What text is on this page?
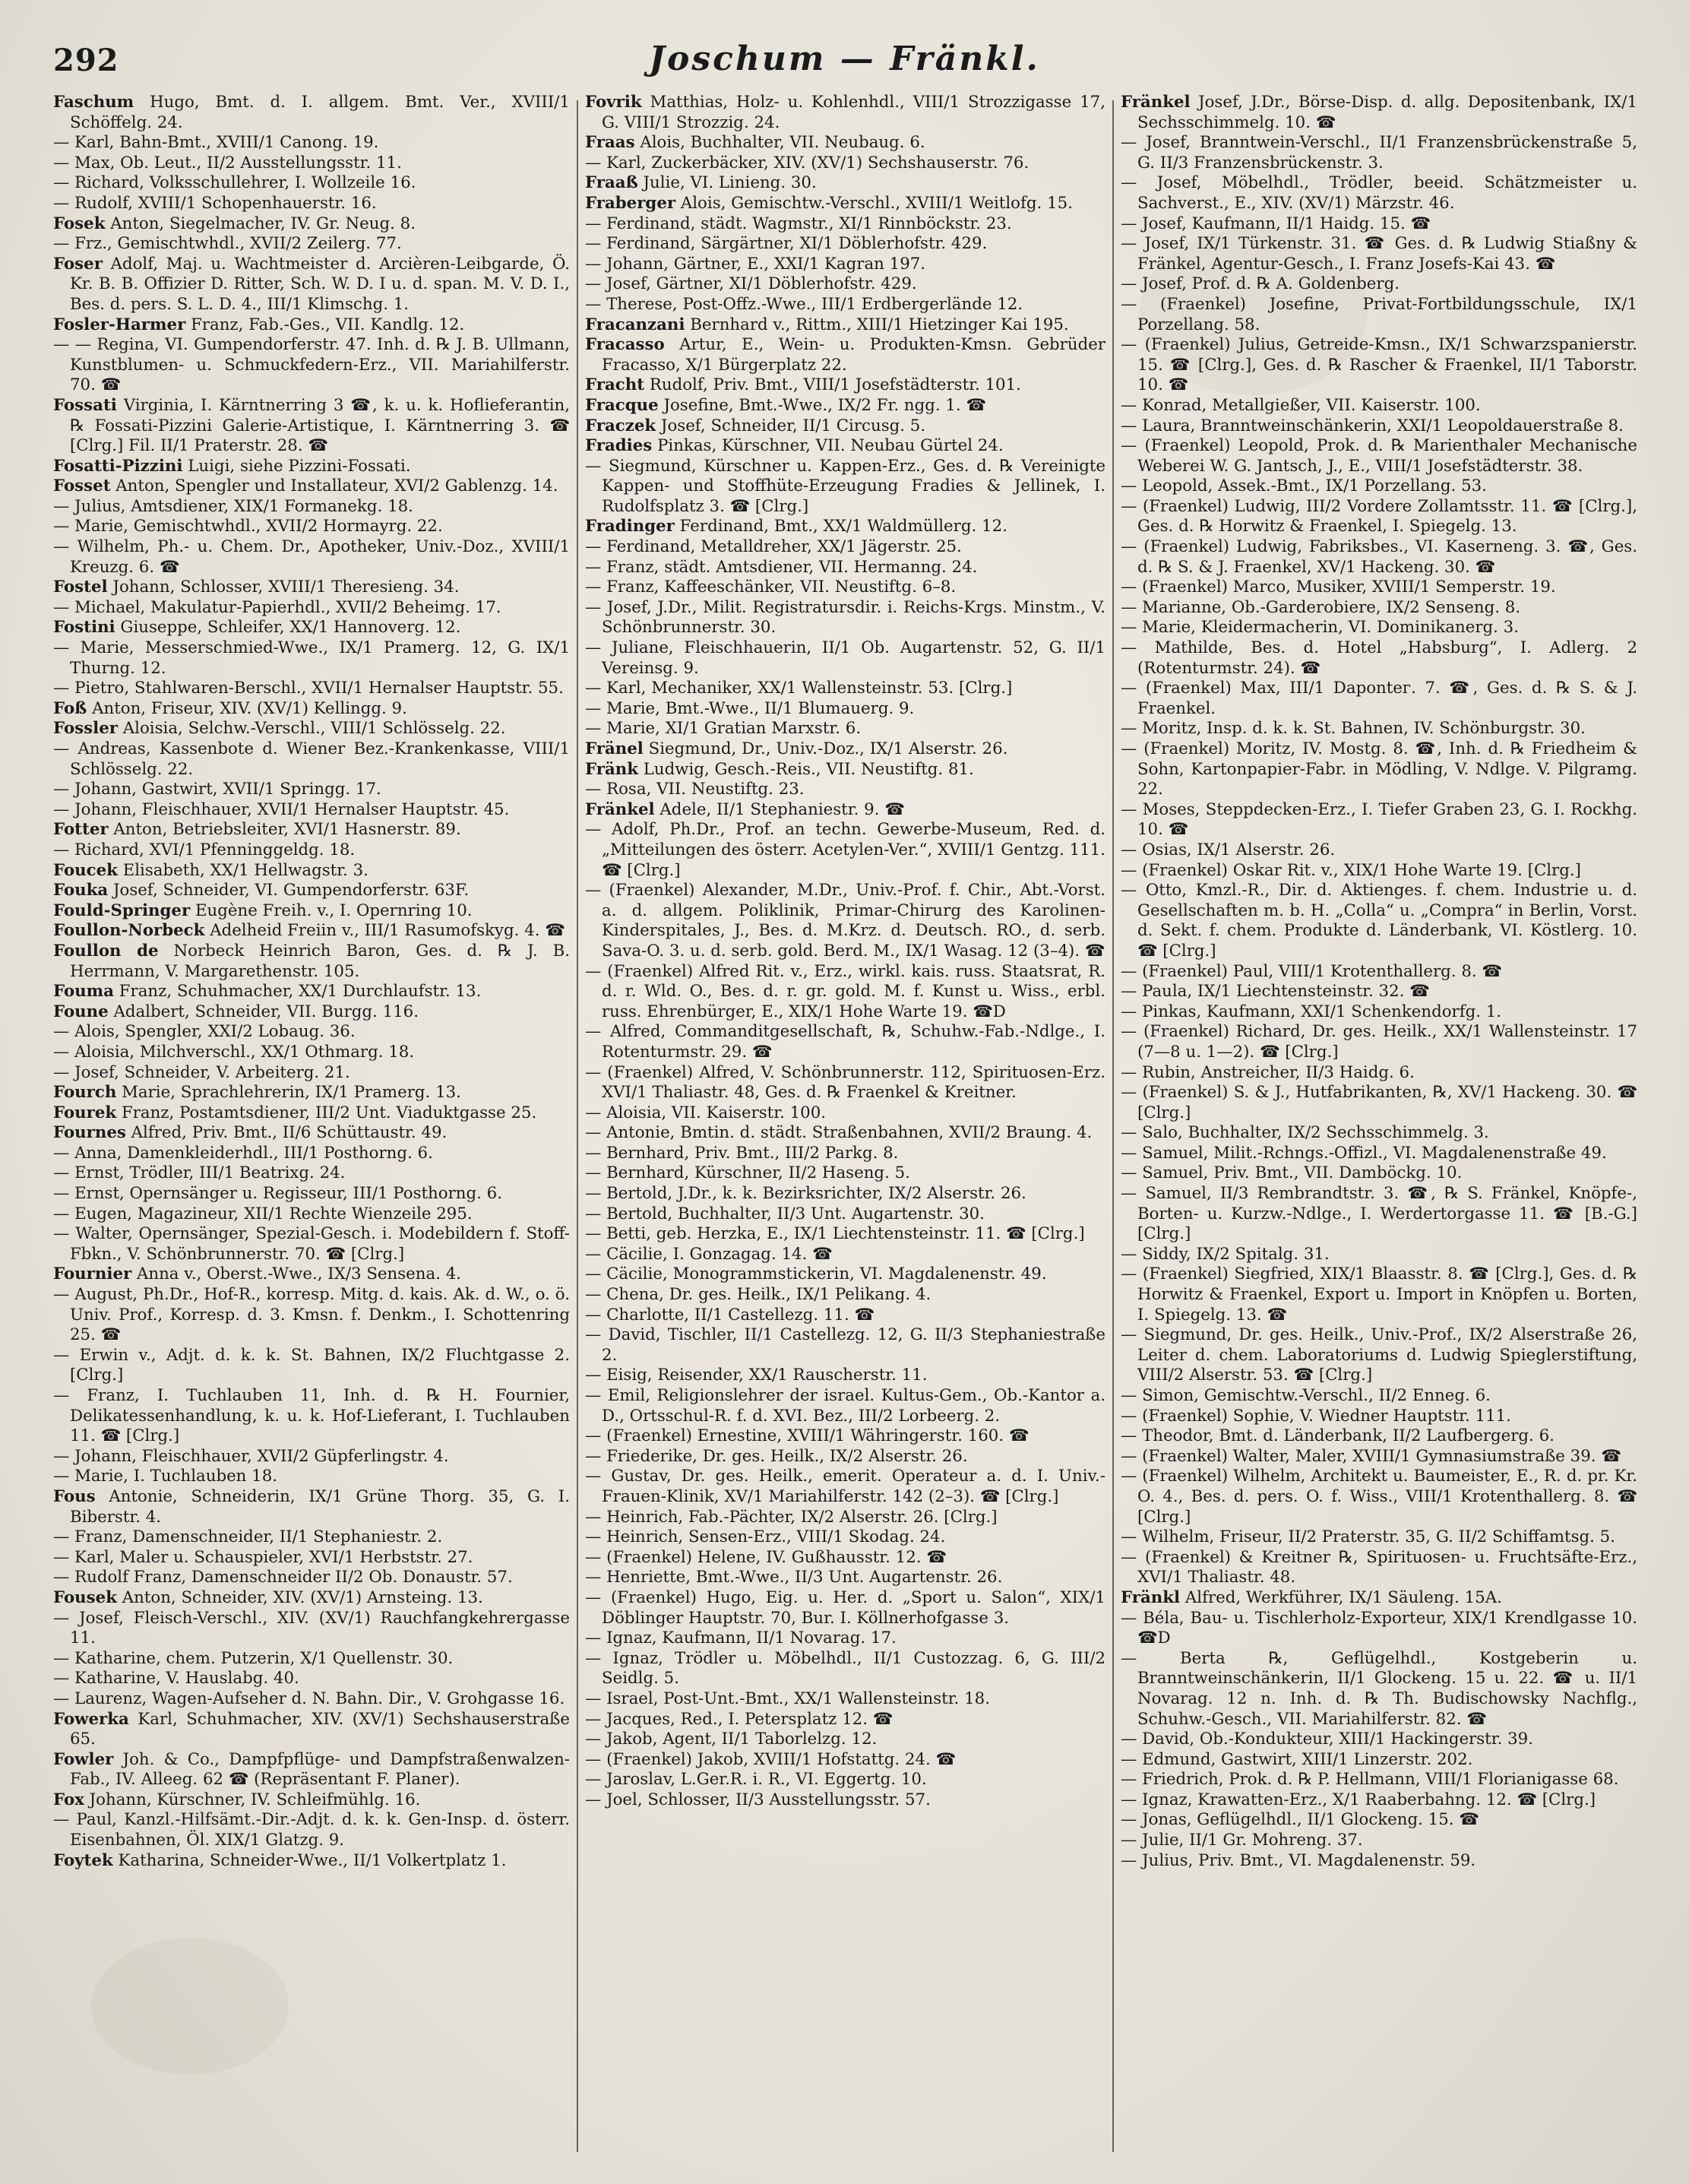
292	Joschum — Fränkl.

Faschum Hugo, Bmt. d. I. allgem. Bmt. Ver., XVIII/1 Schöffelg. 24.

— Karl, Bahn-Bmt., XVIII/1 Canong. 19.

— Max, Ob. Leut., II/2 Ausstellungsstr. 11.

— Richard, Volksschullehrer, I. Wollzeile 16.

— Rudolf, XVIII/1 Schopenhauerstr. 16.

Fosek Anton, Siegelmacher, IV. Gr. Neug. 8.

— Frz., Gemischtwhdl., XVII/2 Zeilerg. 77.

Foser Adolf, Maj. u. Wachtmeister d. Arcièren-Leibgarde, Ö. Kr. B. B. Offizier D. Ritter, Sch. W. D. I u. d. span. M. V. D. I., Bes. d. pers. S. L. D. 4., III/1 Klimschg. 1.

Fosler-Harmer Franz, Fab.-Ges., VII. Kandlg. 12.

— — Regina, VI. Gumpendorferstr. 47. Inh. d. ℞ J. B. Ullmann, Kunstblumen- u. Schmuckfedern-Erz., VII. Mariahilferstr. 70. ☎

Fossati Virginia, I. Kärntnerring 3 ☎, k. u. k. Hoflieferantin, ℞ Fossati-Pizzini Galerie-Artistique, I. Kärntnerring 3. ☎ [Clrg.] Fil. II/1 Praterstr. 28. ☎

Fosatti-Pizzini Luigi, siehe Pizzini-Fossati.

Fosset Anton, Spengler und Installateur, XVI/2 Gablenzg. 14.

— Julius, Amtsdiener, XIX/1 Formanekg. 18.

— Marie, Gemischtwhdl., XVII/2 Hormayrg. 22.

— Wilhelm, Ph.- u. Chem. Dr., Apotheker, Univ.-Doz., XVIII/1 Kreuzg. 6. ☎

Fostel Johann, Schlosser, XVIII/1 Theresieng. 34.

— Michael, Makulatur-Papierhdl., XVII/2 Beheimg. 17.

Fostini Giuseppe, Schleifer, XX/1 Hannoverg. 12.

— Marie, Messerschmied-Wwe., IX/1 Pramerg. 12, G. IX/1 Thurng. 12.

— Pietro, Stahlwaren-Berschl., XVII/1 Hernalser Hauptstr. 55.

Foß Anton, Friseur, XIV. (XV/1) Kellingg. 9.

Fossler Aloisia, Selchw.-Verschl., VIII/1 Schlösselg. 22.

— Andreas, Kassenbote d. Wiener Bez.-Krankenkasse, VIII/1 Schlösselg. 22.

— Johann, Gastwirt, XVII/1 Springg. 17.

— Johann, Fleischhauer, XVII/1 Hernalser Hauptstr. 45.

Fotter Anton, Betriebsleiter, XVI/1 Hasnerstr. 89.

— Richard, XVI/1 Pfenninggeldg. 18.

Foucek Elisabeth, XX/1 Hellwagstr. 3.

Fouka Josef, Schneider, VI. Gumpendorferstr. 63F.

Fould-Springer Eugène Freih. v., I. Opernring 10.

Foullon-Norbeck Adelheid Freiin v., III/1 Rasumofskyg. 4. ☎

Foullon de Norbeck Heinrich Baron, Ges. d. ℞ J. B. Herrmann, V. Margarethenstr. 105.

Fouma Franz, Schuhmacher, XX/1 Durchlaufstr. 13.

Foune Adalbert, Schneider, VII. Burgg. 116.

— Alois, Spengler, XXI/2 Lobaug. 36.

— Aloisia, Milchverschl., XX/1 Othmarg. 18.

— Josef, Schneider, V. Arbeiterg. 21.

Fourch Marie, Sprachlehrerin, IX/1 Pramerg. 13.

Fourek Franz, Postamtsdiener, III/2 Unt. Viaduktgasse 25.

Fournes Alfred, Priv. Bmt., II/6 Schüttaustr. 49.

— Anna, Damenkleiderhdl., III/1 Posthorng. 6.

— Ernst, Trödler, III/1 Beatrixg. 24.

— Ernst, Opernsänger u. Regisseur, III/1 Posthorng. 6.

— Eugen, Magazineur, XII/1 Rechte Wienzeile 295.

— Walter, Opernsänger, Spezial-Gesch. i. Modebildern f. Stoff-Fbkn., V. Schönbrunnerstr. 70. ☎ [Clrg.]

Fournier Anna v., Oberst.-Wwe., IX/3 Sensena. 4.

— August, Ph.Dr., Hof-R., korresp. Mitg. d. kais. Ak. d. W., o. ö. Univ. Prof., Korresp. d. 3. Kmsn. f. Denkm., I. Schottenring 25. ☎

— Erwin v., Adjt. d. k. k. St. Bahnen, IX/2 Fluchtgasse 2. [Clrg.]

— Franz, I. Tuchlauben 11, Inh. d. ℞ H. Fournier, Delikatessenhandlung, k. u. k. Hof-Lieferant, I. Tuchlauben 11. ☎ [Clrg.]

— Johann, Fleischhauer, XVII/2 Güpferlingstr. 4.

— Marie, I. Tuchlauben 18.

Fous Antonie, Schneiderin, IX/1 Grüne Thorg. 35, G. I. Biberstr. 4.

— Franz, Damenschneider, II/1 Stephaniestr. 2.

— Karl, Maler u. Schauspieler, XVI/1 Herbststr. 27.

— Rudolf Franz, Damenschneider II/2 Ob. Donaustr. 57.

Fousek Anton, Schneider, XIV. (XV/1) Arnsteing. 13.

— Josef, Fleisch-Verschl., XIV. (XV/1) Rauchfangkehrergasse 11.

— Katharine, chem. Putzerin, X/1 Quellenstr. 30.

— Katharine, V. Hauslabg. 40.

— Laurenz, Wagen-Aufseher d. N. Bahn. Dir., V. Grohgasse 16.

Fowerka Karl, Schuhmacher, XIV. (XV/1) Sechshauserstraße 65.

Fowler Joh. & Co., Dampfpflüge- und Dampfstraßenwalzen-Fab., IV. Alleeg. 62 ☎ (Repräsentant F. Planer).

Fox Johann, Kürschner, IV. Schleifmühlg. 16.

— Paul, Kanzl.-Hilfsämt.-Dir.-Adjt. d. k. k. Gen-Insp. d. österr. Eisenbahnen, Öl. XIX/1 Glatzg. 9.

Foytek Katharina, Schneider-Wwe., II/1 Volkertplatz 1.

Fovrik Matthias, Holz- u. Kohlenhdl., VIII/1 Strozzigasse 17, G. VIII/1 Strozzig. 24.

Fraas Alois, Buchhalter, VII. Neubaug. 6.

— Karl, Zuckerbäcker, XIV. (XV/1) Sechshauserstr. 76.

Fraaß Julie, VI. Linieng. 30.

Fraberger Alois, Gemischtw.-Verschl., XVIII/1 Weitlofg. 15.

— Ferdinand, städt. Wagmstr., XI/1 Rinnböckstr. 23.

— Ferdinand, Särgärtner, XI/1 Döblerhofstr. 429.

— Johann, Gärtner, E., XXI/1 Kagran 197.

— Josef, Gärtner, XI/1 Döblerhofstr. 429.

— Therese, Post-Offz.-Wwe., III/1 Erdbergerlände 12.

Fracanzani Bernhard v., Rittm., XIII/1 Hietzinger Kai 195.

Fracasso Artur, E., Wein- u. Produkten-Kmsn. Gebrüder Fracasso, X/1 Bürgerplatz 22.

Fracht Rudolf, Priv. Bmt., VIII/1 Josefstädterstr. 101.

Fracque Josefine, Bmt.-Wwe., IX/2 Fr. ngg. 1. ☎

Fraczek Josef, Schneider, II/1 Circusg. 5.

Fradies Pinkas, Kürschner, VII. Neubau Gürtel 24.

— Siegmund, Kürschner u. Kappen-Erz., Ges. d. ℞ Vereinigte Kappen- und Stoffhüte-Erzeugung Fradies & Jellinek, I. Rudolfsplatz 3. ☎ [Clrg.]

Fradinger Ferdinand, Bmt., XX/1 Waldmüllerg. 12.

— Ferdinand, Metalldreher, XX/1 Jägerstr. 25.

— Franz, städt. Amtsdiener, VII. Hermanng. 24.

— Franz, Kaffeeschänker, VII. Neustiftg. 6–8.

— Josef, J.Dr., Milit. Registratursdir. i. Reichs-Krgs. Minstm., V. Schönbrunnerstr. 30.

— Juliane, Fleischhauerin, II/1 Ob. Augartenstr. 52, G. II/1 Vereinsg. 9.

— Karl, Mechaniker, XX/1 Wallensteinstr. 53. [Clrg.]

— Marie, Bmt.-Wwe., II/1 Blumauerg. 9.

— Marie, XI/1 Gratian Marxstr. 6.

Fränel Siegmund, Dr., Univ.-Doz., IX/1 Alserstr. 26.

Fränk Ludwig, Gesch.-Reis., VII. Neustiftg. 81.

— Rosa, VII. Neustiftg. 23.

Fränkel Adele, II/1 Stephaniestr. 9. ☎

— Adolf, Ph.Dr., Prof. an techn. Gewerbe-Museum, Red. d. „Mitteilungen des österr. Acetylen-Ver.“, XVIII/1 Gentzg. 111. ☎ [Clrg.]

— (Fraenkel) Alexander, M.Dr., Univ.-Prof. f. Chir., Abt.-Vorst. a. d. allgem. Poliklinik, Primar-Chirurg des Karolinen-Kinderspitales, J., Bes. d. M.Krz. d. Deutsch. RO., d. serb. Sava-O. 3. u. d. serb. gold. Berd. M., IX/1 Wasag. 12 (3–4). ☎

— (Fraenkel) Alfred Rit. v., Erz., wirkl. kais. russ. Staatsrat, R. d. r. Wld. O., Bes. d. r. gr. gold. M. f. Kunst u. Wiss., erbl. russ. Ehrenbürger, E., XIX/1 Hohe Warte 19. ☎D

— Alfred, Commanditgesellschaft, ℞, Schuhw.-Fab.-Ndlge., I. Rotenturmstr. 29. ☎

— (Fraenkel) Alfred, V. Schönbrunnerstr. 112, Spirituosen-Erz. XVI/1 Thaliastr. 48, Ges. d. ℞ Fraenkel & Kreitner.

— Aloisia, VII. Kaiserstr. 100.

— Antonie, Bmtin. d. städt. Straßenbahnen, XVII/2 Braung. 4.

— Bernhard, Priv. Bmt., III/2 Parkg. 8.

— Bernhard, Kürschner, II/2 Haseng. 5.

— Bertold, J.Dr., k. k. Bezirksrichter, IX/2 Alserstr. 26.

— Bertold, Buchhalter, II/3 Unt. Augartenstr. 30.

— Betti, geb. Herzka, E., IX/1 Liechtensteinstr. 11. ☎ [Clrg.]

— Cäcilie, I. Gonzagag. 14. ☎

— Cäcilie, Monogrammstickerin, VI. Magdalenenstr. 49.

— Chena, Dr. ges. Heilk., IX/1 Pelikang. 4.

— Charlotte, II/1 Castellezg. 11. ☎

— David, Tischler, II/1 Castellezg. 12, G. II/3 Stephaniestraße 2.

— Eisig, Reisender, XX/1 Rauscherstr. 11.

— Emil, Religionslehrer der israel. Kultus-Gem., Ob.-Kantor a. D., Ortsschul-R. f. d. XVI. Bez., III/2 Lorbeerg. 2.

— (Fraenkel) Ernestine, XVIII/1 Währingerstr. 160. ☎

— Friederike, Dr. ges. Heilk., IX/2 Alserstr. 26.

— Gustav, Dr. ges. Heilk., emerit. Operateur a. d. I. Univ.-Frauen-Klinik, XV/1 Mariahilferstr. 142 (2–3). ☎ [Clrg.]

— Heinrich, Fab.-Pächter, IX/2 Alserstr. 26. [Clrg.]

— Heinrich, Sensen-Erz., VIII/1 Skodag. 24.

— (Fraenkel) Helene, IV. Gußhausstr. 12. ☎

— Henriette, Bmt.-Wwe., II/3 Unt. Augartenstr. 26.

— (Fraenkel) Hugo, Eig. u. Her. d. „Sport u. Salon“, XIX/1 Döblinger Hauptstr. 70, Bur. I. Köllnerhofgasse 3.

— Ignaz, Kaufmann, II/1 Novarag. 17.

— Ignaz, Trödler u. Möbelhdl., II/1 Custozzag. 6, G. III/2 Seidlg. 5.

— Israel, Post-Unt.-Bmt., XX/1 Wallensteinstr. 18.

— Jacques, Red., I. Petersplatz 12. ☎

— Jakob, Agent, II/1 Taborlelzg. 12.

— (Fraenkel) Jakob, XVIII/1 Hofstattg. 24. ☎

— Jaroslav, L.Ger.R. i. R., VI. Eggertg. 10.

— Joel, Schlosser, II/3 Ausstellungsstr. 57.

Fränkel Josef, J.Dr., Börse-Disp. d. allg. Depositenbank, IX/1 Sechsschimmelg. 10. ☎

— Josef, Branntwein-Verschl., II/1 Franzensbrückenstraße 5, G. II/3 Franzensbrückenstr. 3.

— Josef, Möbelhdl., Trödler, beeid. Schätzmeister u. Sachverst., E., XIV. (XV/1) Märzstr. 46.

— Josef, Kaufmann, II/1 Haidg. 15. ☎

— Josef, IX/1 Türkenstr. 31. ☎ Ges. d. ℞ Ludwig Stiaßny & Fränkel, Agentur-Gesch., I. Franz Josefs-Kai 43. ☎

— Josef, Prof. d. ℞ A. Goldenberg.

— (Fraenkel) Josefine, Privat-Fortbildungsschule, IX/1 Porzellang. 58.

— (Fraenkel) Julius, Getreide-Kmsn., IX/1 Schwarzspanierstr. 15. ☎ [Clrg.], Ges. d. ℞ Rascher & Fraenkel, II/1 Taborstr. 10. ☎

— Konrad, Metallgießer, VII. Kaiserstr. 100.

— Laura, Branntweinschänkerin, XXI/1 Leopoldauerstraße 8.

— (Fraenkel) Leopold, Prok. d. ℞ Marienthaler Mechanische Weberei W. G. Jantsch, J., E., VIII/1 Josefstädterstr. 38.

— Leopold, Assek.-Bmt., IX/1 Porzellang. 53.

— (Fraenkel) Ludwig, III/2 Vordere Zollamtsstr. 11. ☎ [Clrg.], Ges. d. ℞ Horwitz & Fraenkel, I. Spiegelg. 13.

— (Fraenkel) Ludwig, Fabriksbes., VI. Kaserneng. 3. ☎, Ges. d. ℞ S. & J. Fraenkel, XV/1 Hackeng. 30. ☎

— (Fraenkel) Marco, Musiker, XVIII/1 Semperstr. 19.

— Marianne, Ob.-Garderobiere, IX/2 Senseng. 8.

— Marie, Kleidermacherin, VI. Dominikanerg. 3.

— Mathilde, Bes. d. Hotel „Habsburg“, I. Adlerg. 2 (Rotenturmstr. 24). ☎

— (Fraenkel) Max, III/1 Dapontег. 7. ☎, Ges. d. ℞ S. & J. Fraenkel.

— Moritz, Insp. d. k. k. St. Bahnen, IV. Schönburgstr. 30.

— (Fraenkel) Moritz, IV. Mostg. 8. ☎, Inh. d. ℞ Friedheim & Sohn, Kartonpapier-Fabr. in Mödling, V. Ndlge. V. Pilgramg. 22.

— Moses, Steppdecken-Erz., I. Tiefer Graben 23, G. I. Rockhg. 10. ☎

— Osias, IX/1 Alserstr. 26.

— (Fraenkel) Oskar Rit. v., XIX/1 Hohe Warte 19. [Clrg.]

— Otto, Kmzl.-R., Dir. d. Aktienges. f. chem. Industrie u. d. Gesellschaften m. b. H. „Colla“ u. „Compra“ in Berlin, Vorst. d. Sekt. f. chem. Produkte d. Länderbank, VI. Köstlerg. 10. ☎ [Clrg.]

— (Fraenkel) Paul, VIII/1 Krotenthallerg. 8. ☎

— Paula, IX/1 Liechtensteinstr. 32. ☎

— Pinkas, Kaufmann, XXI/1 Schenkendorfg. 1.

— (Fraenkel) Richard, Dr. ges. Heilk., XX/1 Wallensteinstr. 17 (7—8 u. 1—2). ☎ [Clrg.]

— Rubin, Anstreicher, II/3 Haidg. 6.

— (Fraenkel) S. & J., Hutfabrikanten, ℞, XV/1 Hackeng. 30. ☎ [Clrg.]

— Salo, Buchhalter, IX/2 Sechsschimmelg. 3.

— Samuel, Milit.-Rchngs.-Offizl., VI. Magdalenenstraße 49.

— Samuel, Priv. Bmt., VII. Damböckg. 10.

— Samuel, II/3 Rembrandtstr. 3. ☎, ℞ S. Fränkel, Knöpfe-, Borten- u. Kurzw.-Ndlge., I. Werdertorgasse 11. ☎ [B.-G.] [Clrg.]

— Siddy, IX/2 Spitalg. 31.

— (Fraenkel) Siegfried, XIX/1 Blaasstr. 8. ☎ [Clrg.], Ges. d. ℞ Horwitz & Fraenkel, Export u. Import in Knöpfen u. Borten, I. Spiegelg. 13. ☎

— Siegmund, Dr. ges. Heilk., Univ.-Prof., IX/2 Alserstraße 26, Leiter d. chem. Laboratoriums d. Ludwig Spieglerstiftung, VIII/2 Alserstr. 53. ☎ [Clrg.]

— Simon, Gemischtw.-Verschl., II/2 Enneg. 6.

— (Fraenkel) Sophie, V. Wiedner Hauptstr. 111.

— Theodor, Bmt. d. Länderbank, II/2 Laufbergerg. 6.

— (Fraenkel) Walter, Maler, XVIII/1 Gymnasiumstraße 39. ☎

— (Fraenkel) Wilhelm, Architekt u. Baumeister, E., R. d. pr. Kr. O. 4., Bes. d. pers. O. f. Wiss., VIII/1 Krotenthallerg. 8. ☎ [Clrg.]

— Wilhelm, Friseur, II/2 Praterstr. 35, G. II/2 Schiffamtsg. 5.

— (Fraenkel) & Kreitner ℞, Spirituosen- u. Fruchtsäfte-Erz., XVI/1 Thaliastr. 48.

Fränkl Alfred, Werkführer, IX/1 Säuleng. 15A.

— Béla, Bau- u. Tischlerholz-Exporteur, XIX/1 Krendlgasse 10. ☎D

— Berta ℞, Geflügelhdl., Kostgeberin u. Branntweinschänkerin, II/1 Glockeng. 15 u. 22. ☎ u. II/1 Novarag. 12 n. Inh. d. ℞ Th. Budischowsky Nachflg., Schuhw.-Gesch., VII. Mariahilferstr. 82. ☎

— David, Ob.-Kondukteur, XIII/1 Hackingerstr. 39.

— Edmund, Gastwirt, XIII/1 Linzerstr. 202.

— Friedrich, Prok. d. ℞ P. Hellmann, VIII/1 Florianigasse 68.

— Ignaz, Krawatten-Erz., X/1 Raaberbahng. 12. ☎ [Clrg.]

— Jonas, Geflügelhdl., II/1 Glockeng. 15. ☎

— Julie, II/1 Gr. Mohreng. 37.

— Julius, Priv. Bmt., VI. Magdalenenstr. 59.
